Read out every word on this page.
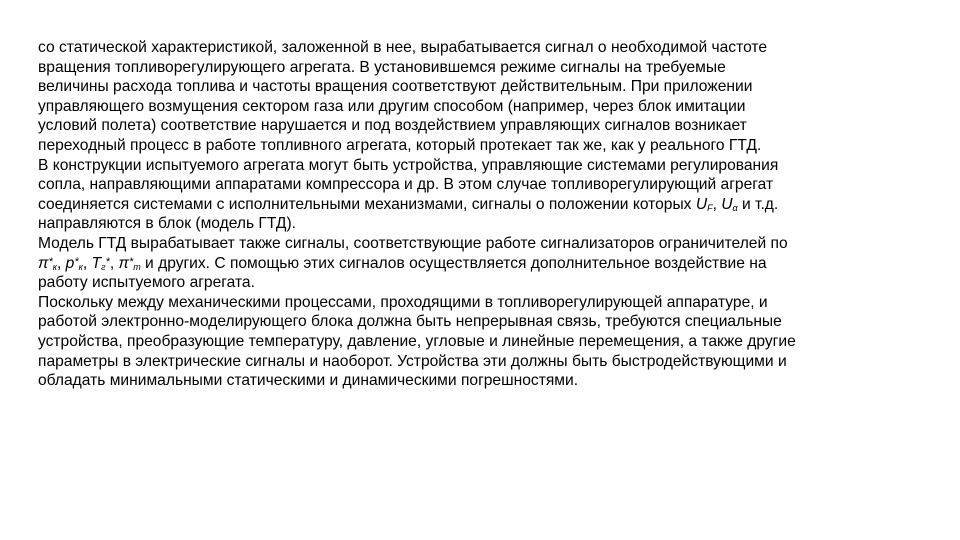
со статической характеристикой, заложенной в нее, вырабатывается сигнал о необходимой частоте
вращения топливорегулирующего агрегата. В установившемся режиме сигналы на требуемые
величины расхода топлива и частоты вращения соответствуют действительным. При приложении
управляющего возмущения сектором газа или другим способом (например, через блок имитации
условий полета) соответствие нарушается и под воздействием управляющих сигналов возникает
переходный процесс в работе топливного агрегата, который протекает так же, как у реального ГТД.
В конструкции испытуемого агрегата могут быть устройства, управляющие системами регулирования
сопла, направляющими аппаратами компрессора и др. В этом случае топливорегулирующий агрегат
соединяется системами с исполнительными механизмами, сигналы о положении которых $U_F$, $U_\alpha$ и т.д.
направляются в блок (модель ГТД).
Модель ГТД вырабатывает также сигналы, соответствующие работе сигнализаторов ограничителей по
$\pi^*_к$, $p^*_к$, $T_г^*$, $\pi^*_т$ и других. С помощью этих сигналов осуществляется дополнительное воздействие на
работу испытуемого агрегата.
Поскольку между механическими процессами, проходящими в топливорегулирующей аппаратуре, и
работой электронно-моделирующего блока должна быть непрерывная связь, требуются специальные
устройства, преобразующие температуру, давление, угловые и линейные перемещения, а также другие
параметры в электрические сигналы и наоборот. Устройства эти должны быть быстродействующими и
обладать минимальными статическими и динамическими погрешностями.
